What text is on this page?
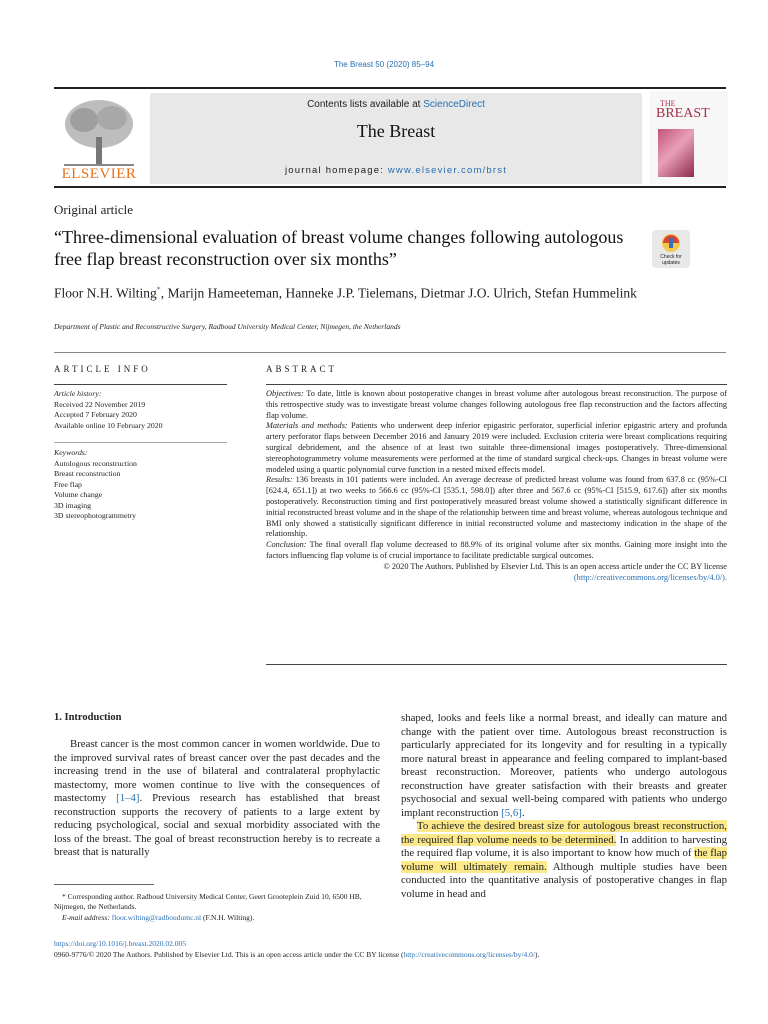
The Breast 50 (2020) 85–94
ELSEVIER
Contents lists available at ScienceDirect
The Breast
journal homepage: www.elsevier.com/brst
THE
BREAST
Original article
“Three-dimensional evaluation of breast volume changes following autologous free flap breast reconstruction over six months”	Check for updates
Floor N.H. Wilting*, Marijn Hameeteman, Hanneke J.P. Tielemans, Dietmar J.O. Ulrich, Stefan Hummelink
Department of Plastic and Reconstructive Surgery, Radboud University Medical Center, Nijmegen, the Netherlands
ARTICLE INFO
Article history:
Received 22 November 2019
Accepted 7 February 2020
Available online 10 February 2020
Keywords:
Autologous reconstruction
Breast reconstruction
Free flap
Volume change
3D imaging
3D stereophotogrammetry
ABSTRACT

Objectives: To date, little is known about postoperative changes in breast volume after autologous breast reconstruction. The purpose of this retrospective study was to investigate breast volume changes following autologous free flap reconstruction and the factors affecting flap volume.

Materials and methods: Patients who underwent deep inferior epigastric perforator, superficial inferior epigastric artery and profunda artery perforator flaps between December 2016 and January 2019 were included. Exclusion criteria were breast complications requiring surgical debridement, and the absence of at least two suitable three-dimensional images postoperatively. Three-dimensional stereophotogrammetry volume measurements were performed at the time of standard surgical check-ups. Changes in breast volume were modeled using a quartic polynomial curve function in a nested mixed effects model.

Results: 136 breasts in 101 patients were included. An average decrease of predicted breast volume was found from 637.8 cc (95%-CI [624.4, 651.1]) at two weeks to 566.6 cc (95%-CI [535.1, 598.0]) after three and 567.6 cc (95%-CI [515.9, 617.6]) after six months postoperatively. Reconstruction timing and first postoperatively measured breast volume showed a statistically significant difference in initial reconstructed breast volume and in the shape of the relationship between time and breast volume, whereas autologous technique and BMI only showed a statistically significant difference in initial reconstructed volume and mastectomy indication in the shape of the relationship.

Conclusion: The final overall flap volume decreased to 88.9% of its original volume after six months. Gaining more insight into the factors influencing flap volume is of crucial importance to facilitate predictable surgical outcomes.

© 2020 The Authors. Published by Elsevier Ltd. This is an open access article under the CC BY license (http://creativecommons.org/licenses/by/4.0/).

1. Introduction

Breast cancer is the most common cancer in women worldwide. Due to the improved survival rates of breast cancer over the past decades and the increasing trend in the use of bilateral and contralateral prophylactic mastectomy, more women continue to live with the consequences of mastectomy [1–4]. Previous research has established that breast reconstruction supports the recovery of patients to a large extent by reducing psychological, social and sexual morbidity associated with the loss of the breast. The goal of breast reconstruction hereby is to recreate a breast that is naturally

shaped, looks and feels like a normal breast, and ideally can mature and change with the patient over time. Autologous breast reconstruction is particularly appreciated for its longevity and for resulting in a typically more natural breast in appearance and feeling compared to implant-based breast reconstruction. Moreover, patients who undergo autologous reconstruction have greater satisfaction with their breasts and greater psychosocial and sexual well-being compared with patients who undergo implant reconstruction [5,6].

To achieve the desired breast size for autologous breast reconstruction, the required flap volume needs to be determined. In addition to harvesting the required flap volume, it is also important to know how much of the flap volume will ultimately remain. Although multiple studies have been conducted into the quantitative analysis of postoperative changes in flap volume in head and

* Corresponding author. Radboud University Medical Center, Geert Grooteplein Zuid 10, 6500 HB, Nijmegen, the Netherlands.
E-mail address: floor.wilting@radboudumc.nl (F.N.H. Wilting).
https://doi.org/10.1016/j.breast.2020.02.005
0960-9776/© 2020 The Authors. Published by Elsevier Ltd. This is an open access article under the CC BY license (http://creativecommons.org/licenses/by/4.0/).
